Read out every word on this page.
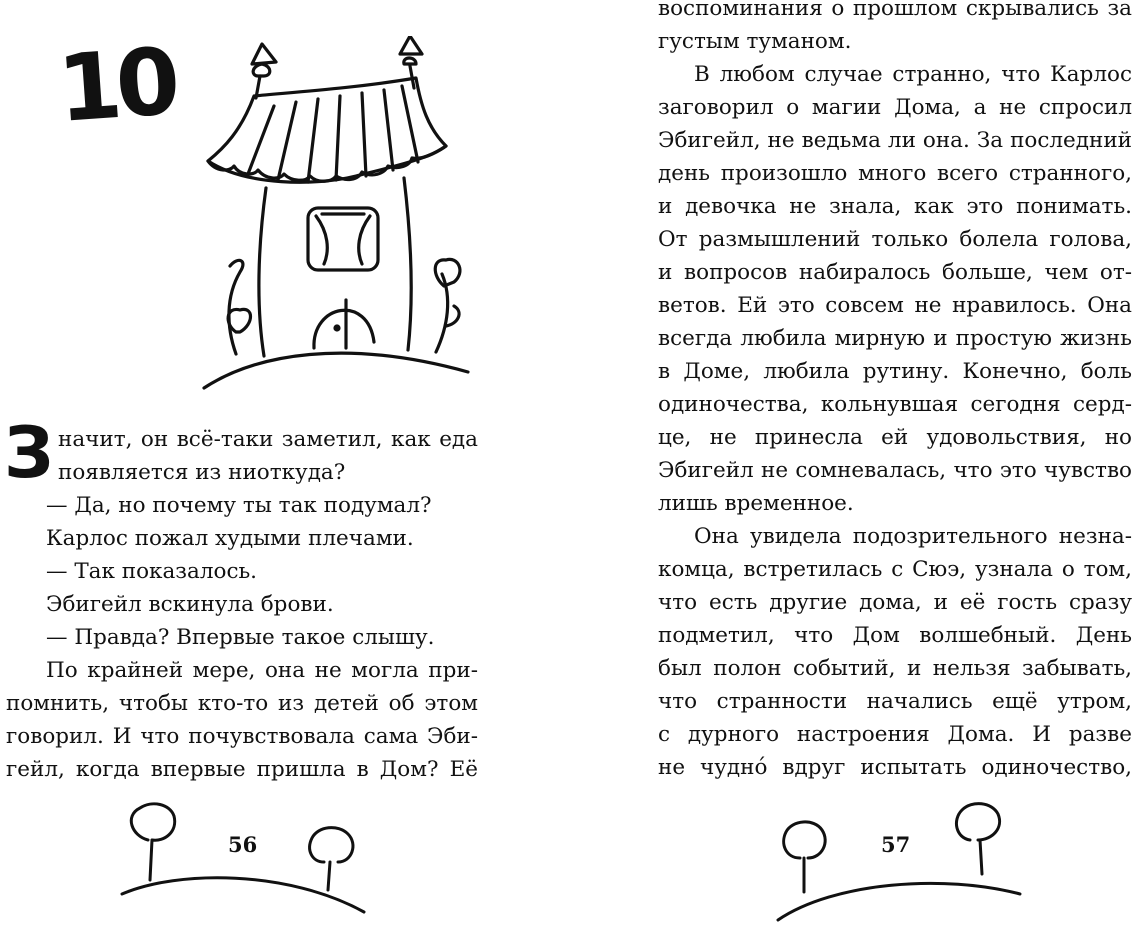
10
З начит, он всё-таки заметил, как еда
появляется из ниоткуда?
— Да, но почему ты так подумал?
Карлос пожал худыми плечами.
— Так показалось.
Эбигейл вскинула брови.
— Правда? Впервые такое слышу.
По крайней мере, она не могла при-
помнить, чтобы кто-то из детей об этом
говорил. И что почувствовала сама Эби-
гейл, когда впервые пришла в Дом? Её
56
воспоминания о прошлом скрывались за
густым туманом.
В любом случае странно, что Карлос
заговорил о магии Дома, а не спросил
Эбигейл, не ведьма ли она. За последний
день произошло много всего странного,
и девочка не знала, как это понимать.
От размышлений только болела голова,
и вопросов набиралось больше, чем от-
ветов. Ей это совсем не нравилось. Она
всегда любила мирную и простую жизнь
в Доме, любила рутину. Конечно, боль
одиночества, кольнувшая сегодня серд-
це, не принесла ей удовольствия, но
Эбигейл не сомневалась, что это чувство
лишь временное.
Она увидела подозрительного незна-
комца, встретилась с Сюэ, узнала о том,
что есть другие дома, и её гость сразу
подметил, что Дом волшебный. День
был полон событий, и нельзя забывать,
что странности начались ещё утром,
с дурного настроения Дома. И разве
не чудно́ вдруг испытать одиночество,
57
